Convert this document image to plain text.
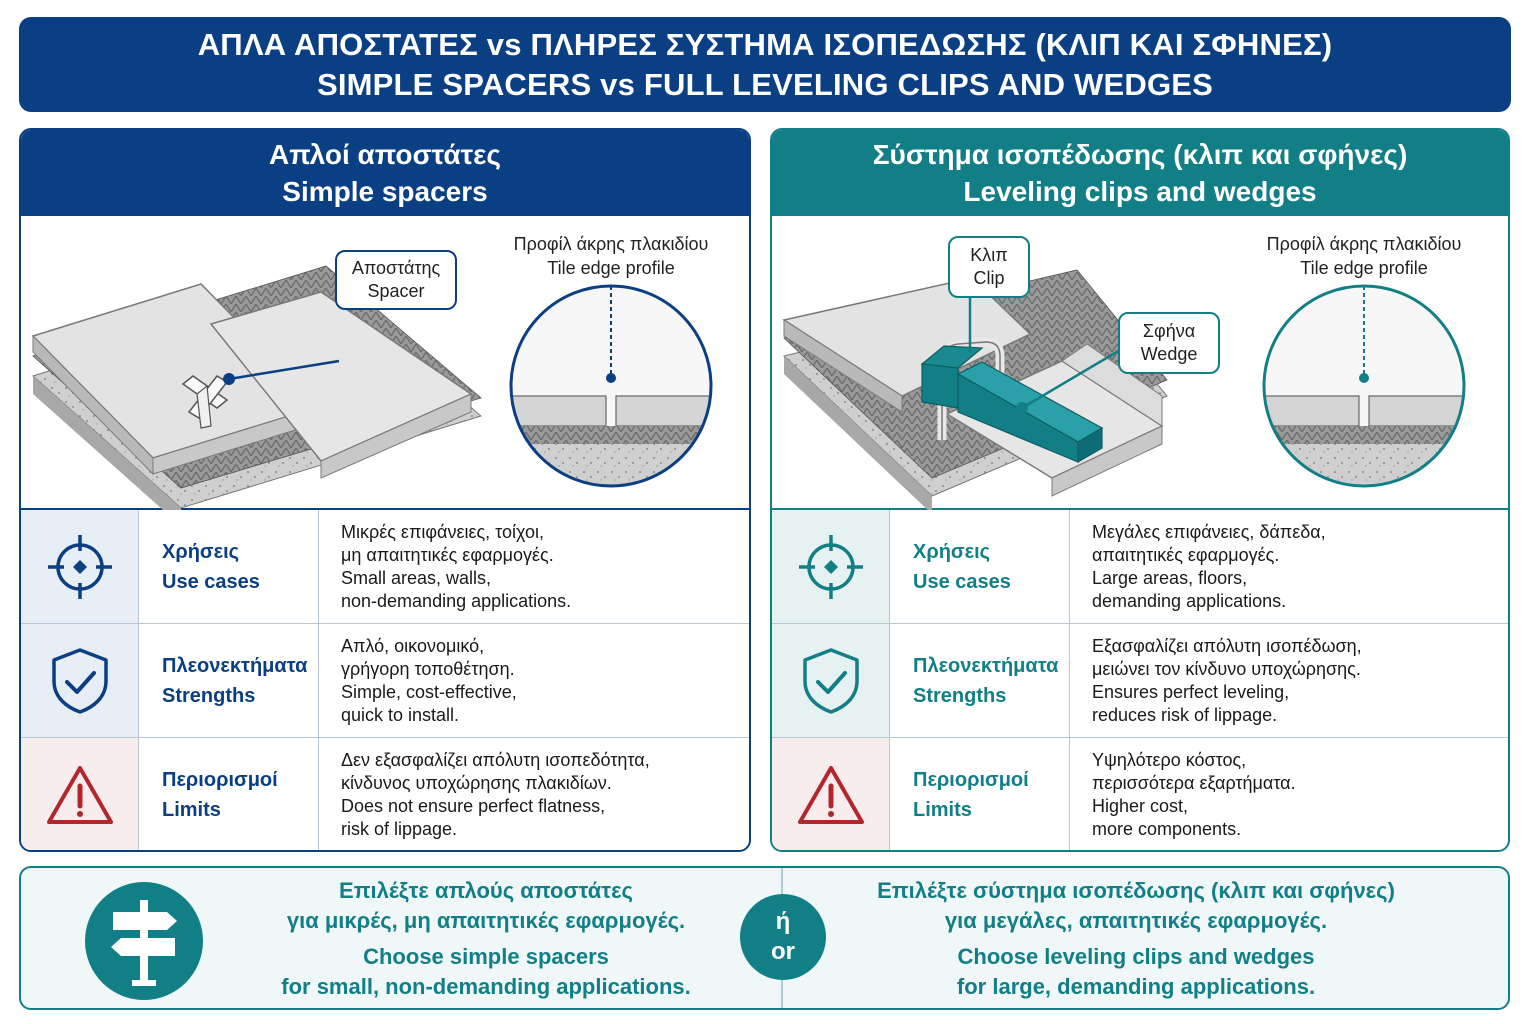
ΑΠΛΑ ΑΠΟΣΤΑΤΕΣ vs ΠΛΗΡΕΣ ΣΥΣΤΗΜΑ ΙΣΟΠΕΔΩΣΗΣ (ΚΛΙΠ ΚΑΙ ΣΦΗΝΕΣ)
SIMPLE SPACERS vs FULL LEVELING CLIPS AND WEDGES
Απλοί αποστάτες
Simple spacers
Αποστάτης
Spacer
Προφίλ άκρης πλακιδίου
Tile edge profile
Χρήσεις
Use cases
Μικρές επιφάνειες, τοίχοι,
μη απαιτητικές εφαρμογές.
Small areas, walls,
non-demanding applications.
Πλεονεκτήματα
Strengths
Απλό, οικονομικό,
γρήγορη τοποθέτηση.
Simple, cost-effective,
quick to install.
Περιορισμοί
Limits
Δεν εξασφαλίζει απόλυτη ισοπεδότητα,
κίνδυνος υποχώρησης πλακιδίων.
Does not ensure perfect flatness,
risk of lippage.
Σύστημα ισοπέδωσης (κλιπ και σφήνες)
Leveling clips and wedges
Κλιπ
Clip
Σφήνα
Wedge
Προφίλ άκρης πλακιδίου
Tile edge profile
Χρήσεις
Use cases
Μεγάλες επιφάνειες, δάπεδα,
απαιτητικές εφαρμογές.
Large areas, floors,
demanding applications.
Πλεονεκτήματα
Strengths
Εξασφαλίζει απόλυτη ισοπέδωση,
μειώνει τον κίνδυνο υποχώρησης.
Ensures perfect leveling,
reduces risk of lippage.
Περιορισμοί
Limits
Υψηλότερο κόστος,
περισσότερα εξαρτήματα.
Higher cost,
more components.
Επιλέξτε απλούς αποστάτες
για μικρές, μη απαιτητικές εφαρμογές.
Choose simple spacers
for small, non-demanding applications.
ή
or
Επιλέξτε σύστημα ισοπέδωσης (κλιπ και σφήνες)
για μεγάλες, απαιτητικές εφαρμογές.
Choose leveling clips and wedges
for large, demanding applications.
